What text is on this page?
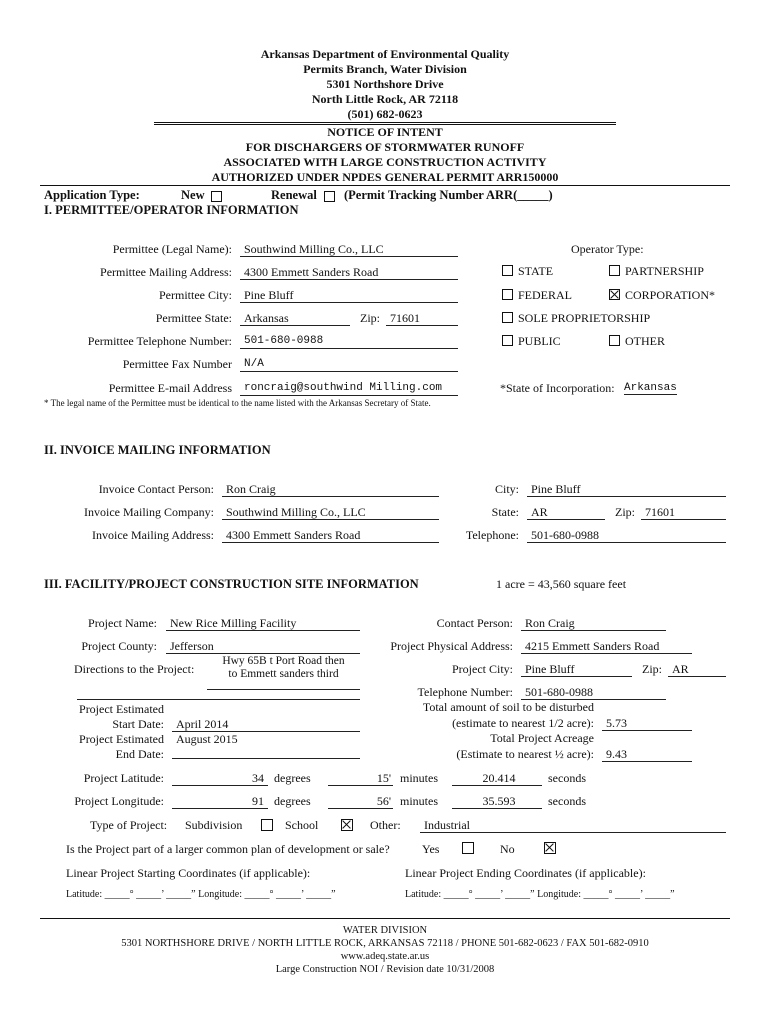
Arkansas Department of Environmental Quality
Permits Branch, Water Division
5301 Northshore Drive
North Little Rock, AR 72118
(501) 682-0623
NOTICE OF INTENT
FOR DISCHARGERS OF STORMWATER RUNOFF
ASSOCIATED WITH LARGE CONSTRUCTION ACTIVITY
AUTHORIZED UNDER NPDES GENERAL PERMIT ARR150000
Application Type:	New	Renewal (Permit Tracking Number ARR(_____)
I. PERMITTEE/OPERATOR INFORMATION
Permittee (Legal Name):	Southwind Milling Co., LLC
Permittee Mailing Address:	4300 Emmett Sanders Road
Permittee City:	Pine Bluff
Permittee State:	Arkansas	Zip: 71601
Permittee Telephone Number:	501-680-0988
Permittee Fax Number	N/A
Permittee E-mail Address	roncraig@southwind Milling.com
* The legal name of the Permittee must be identical to the name listed with the Arkansas Secretary of State.
Operator Type:
STATE	PARTNERSHIP
FEDERAL	CORPORATION*
SOLE PROPRIETORSHIP
PUBLIC	OTHER
*State of Incorporation: Arkansas
II. INVOICE MAILING INFORMATION
Invoice Contact Person:	Ron Craig
Invoice Mailing Company:	Southwind Milling Co., LLC
Invoice Mailing Address:	4300 Emmett Sanders Road
City:	Pine Bluff
State:	AR	Zip: 71601
Telephone:	501-680-0988
III. FACILITY/PROJECT CONSTRUCTION SITE INFORMATION	1 acre = 43,560 square feet
Project Name:	New Rice Milling Facility
Project County:	Jefferson
Directions to the Project:
Hwy 65B t Port Road then
to Emmett sanders third
Project Estimated
Start Date:	April 2014
Project Estimated
End Date:
August 2015
Contact Person:	Ron Craig
Project Physical Address:	4215 Emmett Sanders Road
Project City:	Pine Bluff	Zip: AR
Telephone Number:	501-680-0988
Total amount of soil to be disturbed
(estimate to nearest 1/2 acre):	5.73
Total Project Acreage
(Estimate to nearest ½ acre):	9.43
Project Latitude:	34 degrees	15' minutes	20.414	seconds
Project Longitude:	91 degrees	56' minutes	35.593	seconds
Type of Project: Subdivision	School	Other:	Industrial
Is the Project part of a larger common plan of development or sale?	Yes	No
Linear Project Starting Coordinates (if applicable):	Linear Project Ending Coordinates (if applicable):
Latitude: _____° _____’ _____” Longitude: _____° _____’ _____”	Latitude: _____° _____’ _____” Longitude: _____° _____’ _____”
WATER DIVISION
5301 NORTHSHORE DRIVE / NORTH LITTLE ROCK, ARKANSAS 72118 / PHONE 501-682-0623 / FAX 501-682-0910
www.adeq.state.ar.us
Large Construction NOI / Revision date 10/31/2008
